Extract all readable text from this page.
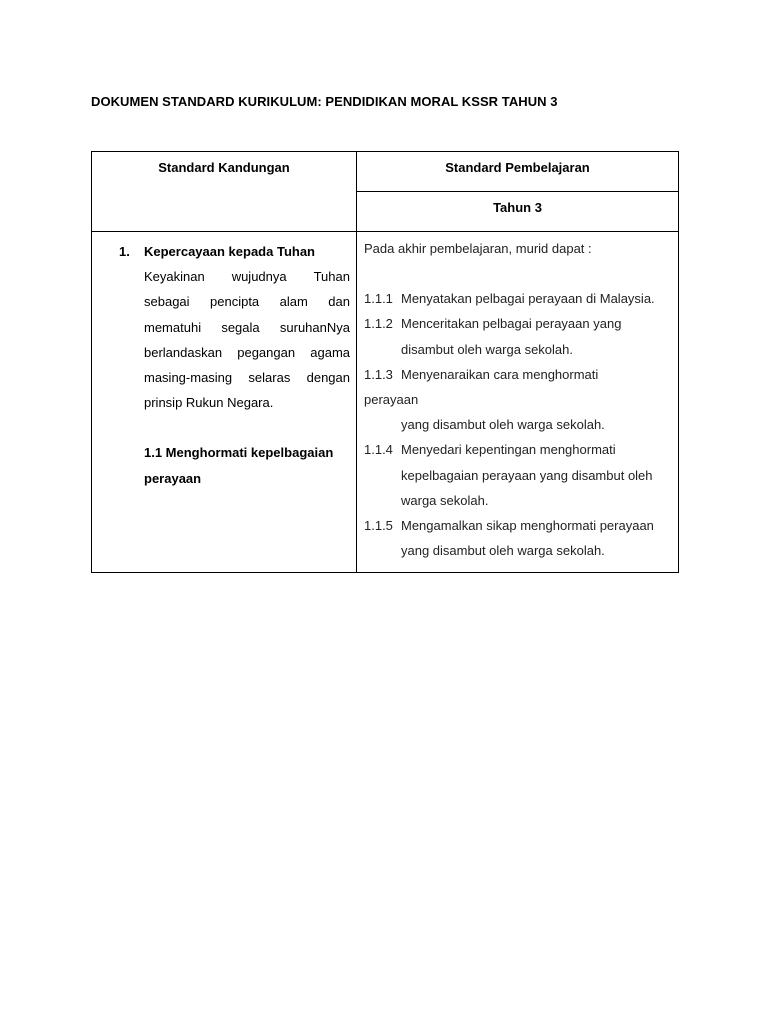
DOKUMEN STANDARD KURIKULUM: PENDIDIKAN MORAL KSSR TAHUN 3
Standard Kandungan	Standard Pembelajaran
Tahun 3
1. Kepercayaan kepada Tuhan
Keyakinan wujudnya Tuhan
sebagai pencipta alam dan
mematuhi segala suruhanNya
berlandaskan pegangan agama
masing-masing selaras dengan
prinsip Rukun Negara.
1.1 Menghormati kepelbagaian
perayaan
Pada akhir pembelajaran, murid dapat :
1.1.1 Menyatakan pelbagai perayaan di Malaysia.
1.1.2 Menceritakan pelbagai perayaan yang
disambut oleh warga sekolah.
1.1.3 Menyenaraikan cara menghormati
perayaan
yang disambut oleh warga sekolah.
1.1.4 Menyedari kepentingan menghormati
kepelbagaian perayaan yang disambut oleh
warga sekolah.
1.1.5 Mengamalkan sikap menghormati perayaan
yang disambut oleh warga sekolah.
